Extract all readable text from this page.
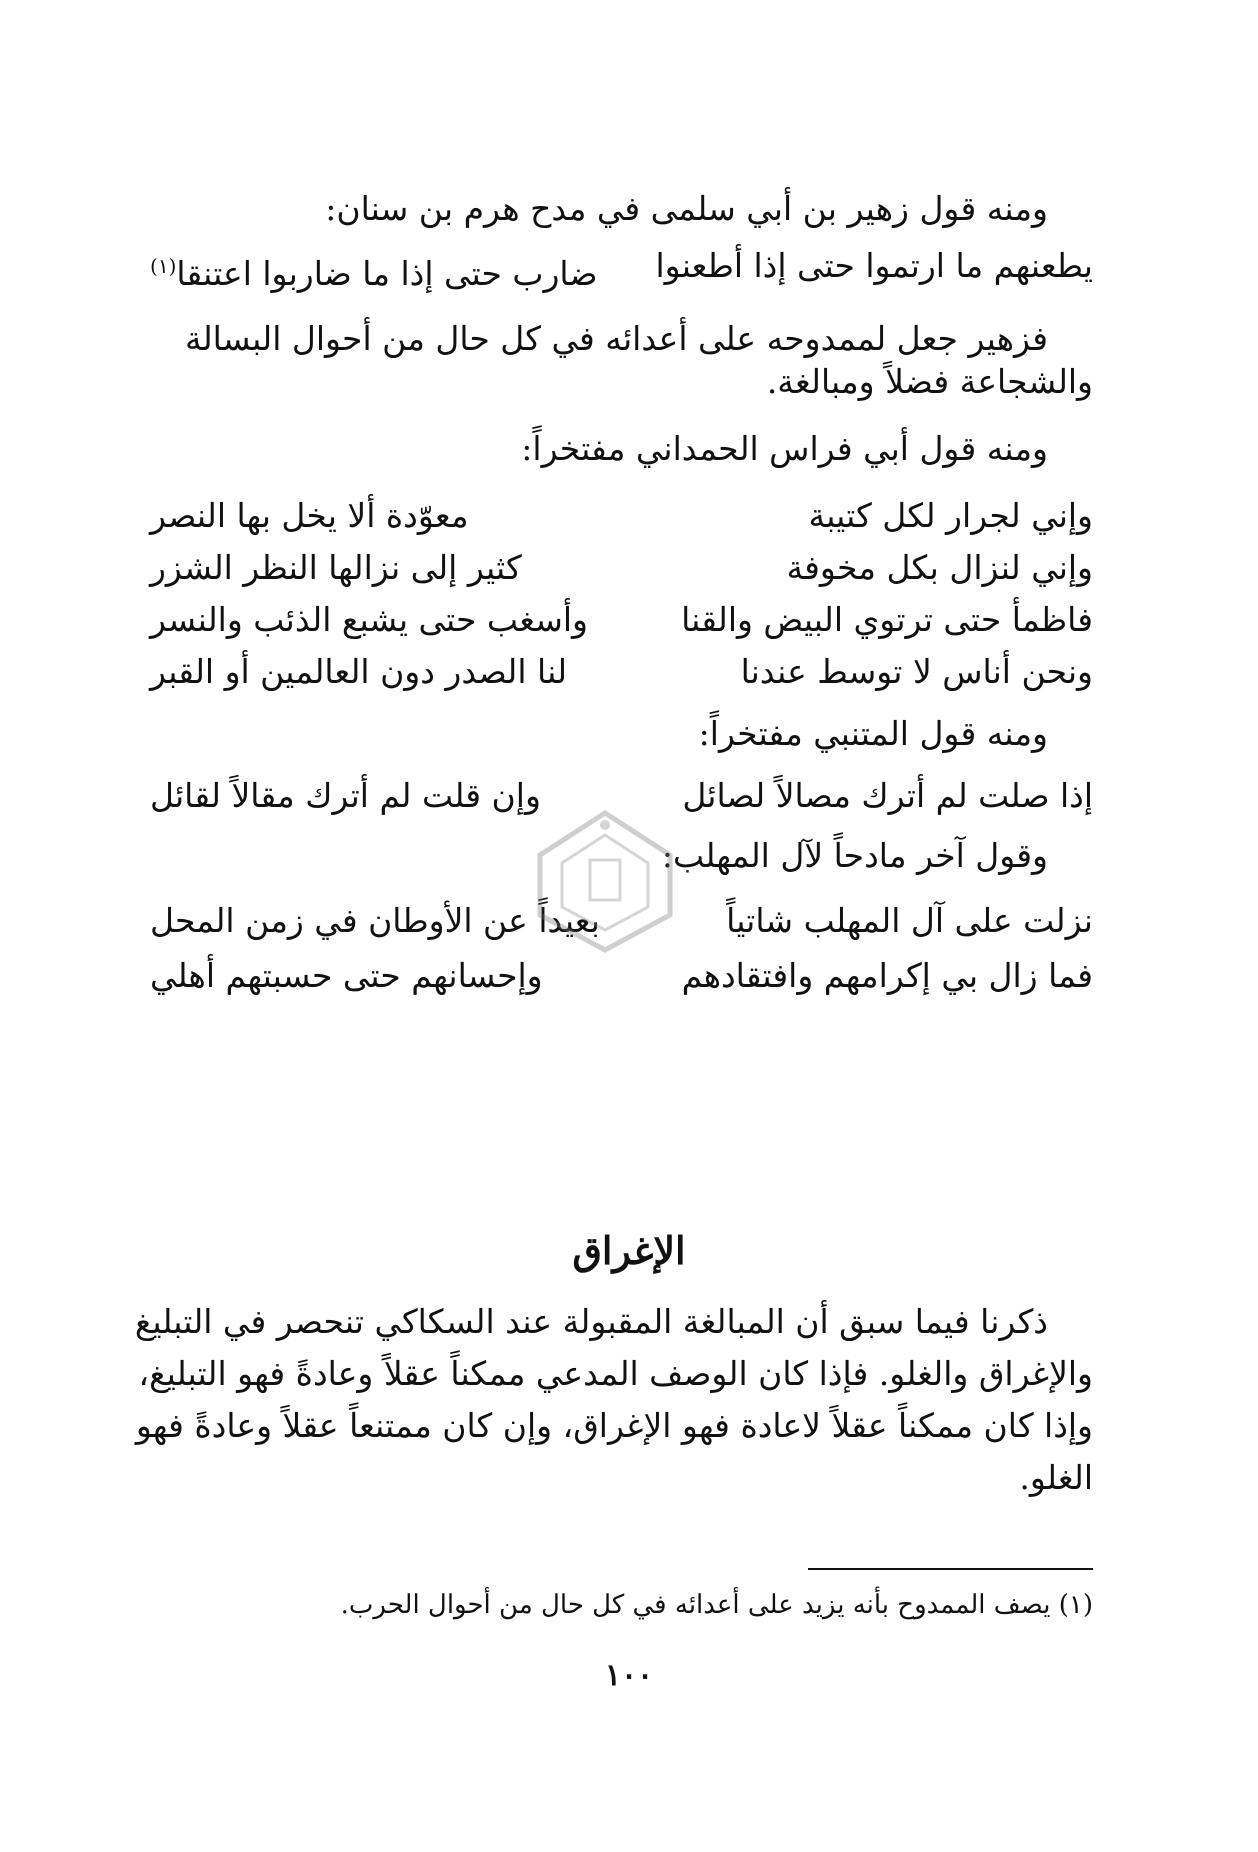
ومنه قول زهير بن أبي سلمى في مدح هرم بن سنان:
يطعنهم ما ارتموا حتى إذا أطعنوا
ضارب حتى إذا ما ضاربوا اعتنقا$^{(١)}$
فزهير جعل لممدوحه على أعدائه في كل حال من أحوال البسالة
والشجاعة فضلاً ومبالغة.
ومنه قول أبي فراس الحمداني مفتخراً:
وإني لجرار لكل كتيبة
معوّدة ألا يخل بها النصر
وإني لنزال بكل مخوفة
كثير إلى نزالها النظر الشزر
فاظمأ حتى ترتوي البيض والقنا
وأسغب حتى يشبع الذئب والنسر
ونحن أناس لا توسط عندنا
لنا الصدر دون العالمين أو القبر
ومنه قول المتنبي مفتخراً:
إذا صلت لم أترك مصالاً لصائل
وإن قلت لم أترك مقالاً لقائل
وقول آخر مادحاً لآل المهلب:
نزلت على آل المهلب شاتياً
بعيداً عن الأوطان في زمن المحل
فما زال بي إكرامهم وافتقادهم
وإحسانهم حتى حسبتهم أهلي
الإغراق
ذكرنا فيما سبق أن المبالغة المقبولة عند السكاكي تنحصر في التبليغ
والإغراق والغلو. فإذا كان الوصف المدعي ممكناً عقلاً وعادةً فهو التبليغ،
وإذا كان ممكناً عقلاً لاعادة فهو الإغراق، وإن كان ممتنعاً عقلاً وعادةً فهو
الغلو.
(١) يصف الممدوح بأنه يزيد على أعدائه في كل حال من أحوال الحرب.
١٠٠
